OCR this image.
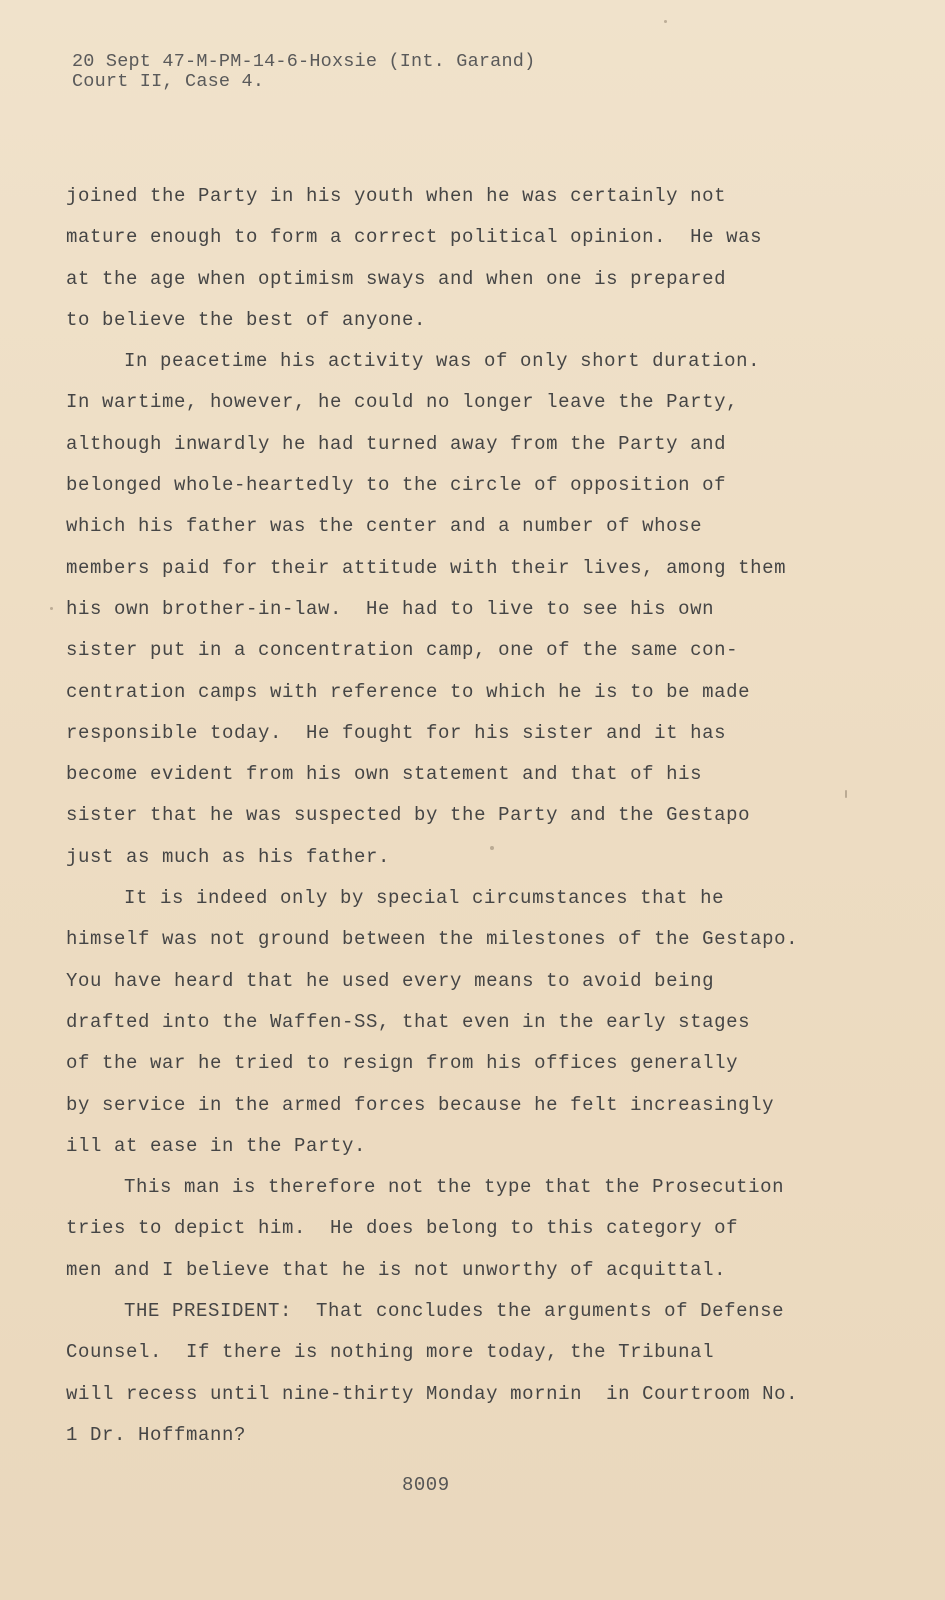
20 Sept 47-M-PM-14-6-Hoxsie (Int. Garand)
Court II, Case 4.
joined the Party in his youth when he was certainly not
mature enough to form a correct political opinion.  He was
at the age when optimism sways and when one is prepared
to believe the best of anyone.
In peacetime his activity was of only short duration.
In wartime, however, he could no longer leave the Party,
although inwardly he had turned away from the Party and
belonged whole-heartedly to the circle of opposition of
which his father was the center and a number of whose
members paid for their attitude with their lives, among them
his own brother-in-law.  He had to live to see his own
sister put in a concentration camp, one of the same con-
centration camps with reference to which he is to be made
responsible today.  He fought for his sister and it has
become evident from his own statement and that of his
sister that he was suspected by the Party and the Gestapo
just as much as his father.
It is indeed only by special circumstances that he
himself was not ground between the milestones of the Gestapo.
You have heard that he used every means to avoid being
drafted into the Waffen-SS, that even in the early stages
of the war he tried to resign from his offices generally
by service in the armed forces because he felt increasingly
ill at ease in the Party.
This man is therefore not the type that the Prosecution
tries to depict him.  He does belong to this category of
men and I believe that he is not unworthy of acquittal.
THE PRESIDENT:  That concludes the arguments of Defense
Counsel.  If there is nothing more today, the Tribunal
will recess until nine-thirty Monday mornin  in Courtroom No.
1 Dr. Hoffmann?
8009
